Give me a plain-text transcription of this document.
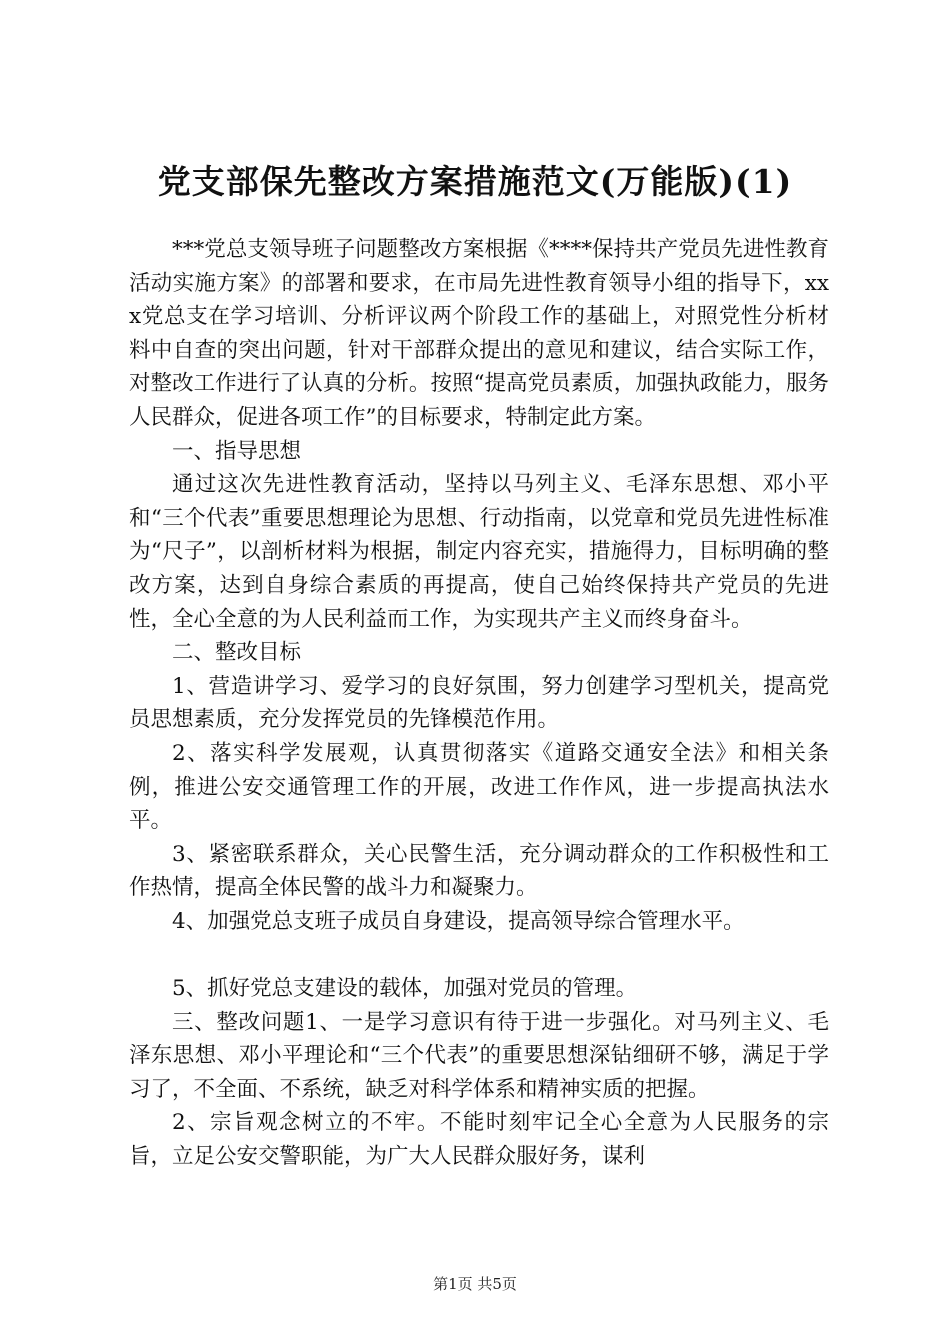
党支部保先整改方案措施范文(万能版)(1)

***党总支领导班子问题整改方案根据《****保持共产党员先进性教育活动实施方案》的部署和要求，在市局先进性教育领导小组的指导下，xxx党总支在学习培训、分析评议两个阶段工作的基础上，对照党性分析材料中自查的突出问题，针对干部群众提出的意见和建议，结合实际工作，对整改工作进行了认真的分析。按照“提高党员素质，加强执政能力，服务人民群众，促进各项工作”的目标要求，特制定此方案。

一、指导思想

通过这次先进性教育活动，坚持以马列主义、毛泽东思想、邓小平和“三个代表”重要思想理论为思想、行动指南，以党章和党员先进性标准为“尺子”，以剖析材料为根据，制定内容充实，措施得力，目标明确的整改方案，达到自身综合素质的再提高，使自己始终保持共产党员的先进性，全心全意的为人民利益而工作，为实现共产主义而终身奋斗。

二、整改目标

1、营造讲学习、爱学习的良好氛围，努力创建学习型机关，提高党员思想素质，充分发挥党员的先锋模范作用。

2、落实科学发展观，认真贯彻落实《道路交通安全法》和相关条例，推进公安交通管理工作的开展，改进工作作风，进一步提高执法水平。

3、紧密联系群众，关心民警生活，充分调动群众的工作积极性和工作热情，提高全体民警的战斗力和凝聚力。

4、加强党总支班子成员自身建设，提高领导综合管理水平。

5、抓好党总支建设的载体，加强对党员的管理。

三、整改问题1、一是学习意识有待于进一步强化。对马列主义、毛泽东思想、邓小平理论和“三个代表”的重要思想深钻细研不够，满足于学习了，不全面、不系统，缺乏对科学体系和精神实质的把握。

2、宗旨观念树立的不牢。不能时刻牢记全心全意为人民服务的宗旨，立足公安交警职能，为广大人民群众服好务，谋利

第1页 共5页
